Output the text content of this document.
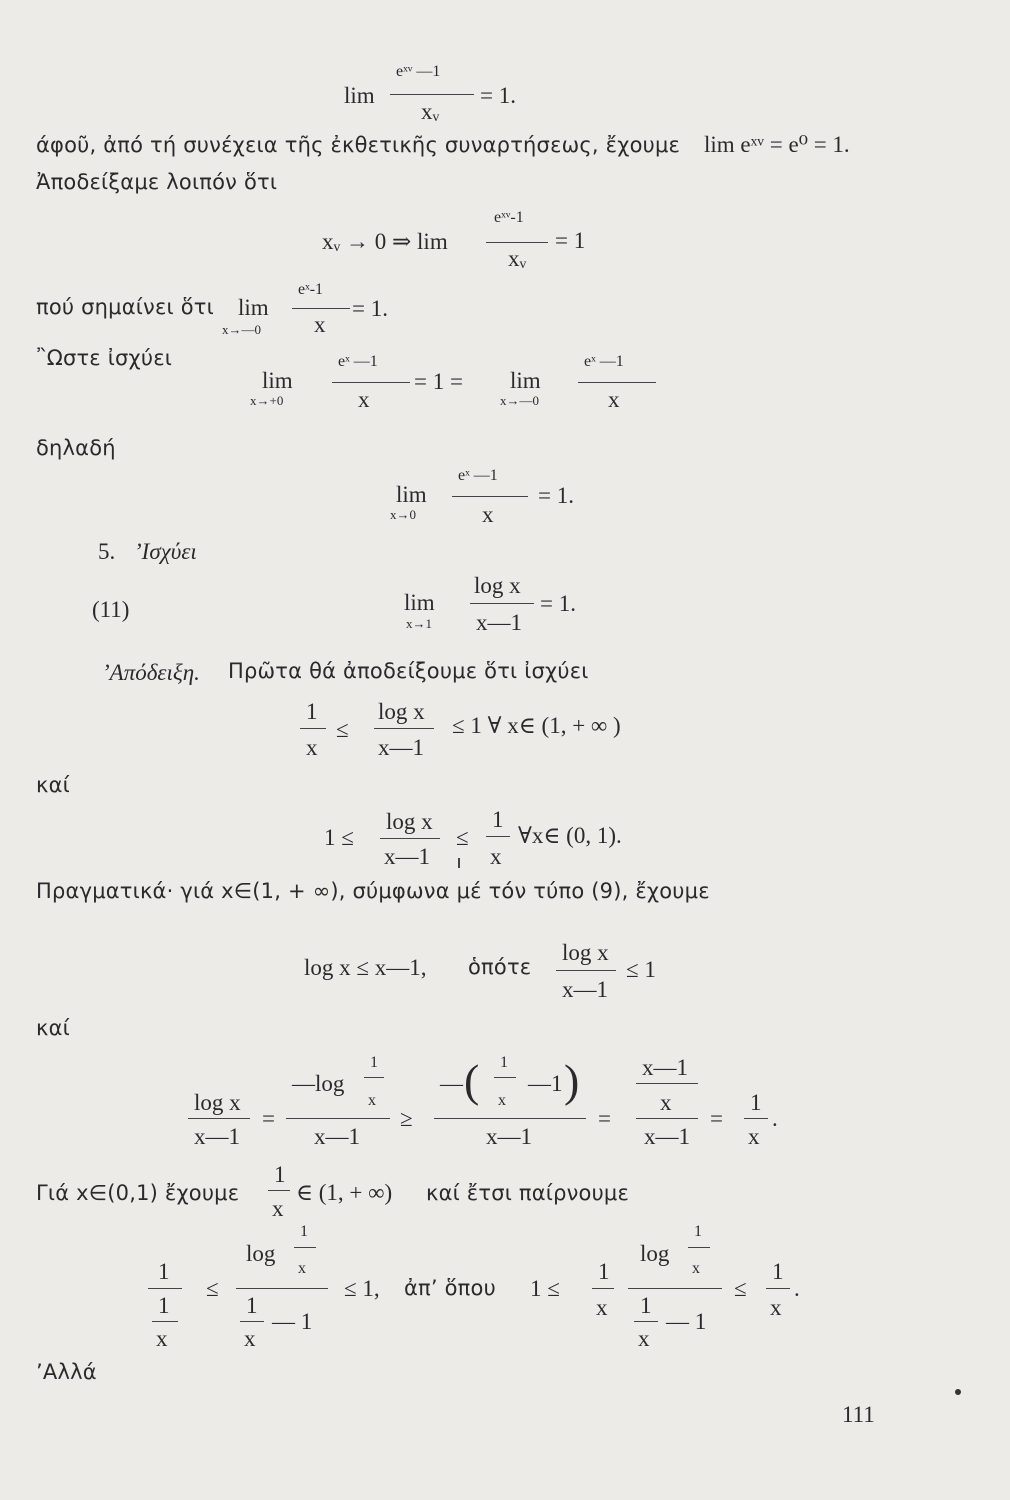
lim
eˣᵛ —1
xᵥ
= 1.
άφοῦ, ἀπό τή συνέχεια τῆς ἐκθετικῆς συναρτήσεως, ἔχουμε lim eˣᵛ = e⁰ = 1.
Ἀποδείξαμε λοιπόν ὅτι
xᵥ → 0 ⇒ lim
eˣᵛ-1
xᵥ
= 1
πού σημαίνει ὅτι lim
x→—0
eˣ-1
x
= 1.
῍Ωστε ἰσχύει
lim
x→+0
eˣ —1
x
= 1 = lim
x→—0
eˣ —1
x
δηλαδή
lim
x→0
eˣ —1
x
= 1.
5. ’Ισχύει
(11)	lim
x→1
log x
x—1
= 1.
’Απόδειξη. Πρῶτα θά ἀποδείξουμε ὅτι ἰσχύει
1
x
≤
log x
x—1
≤ 1 ∀ x∈ (1, + ∞ )
καί
1 ≤
log x
x—1
≤
1
x
∀x∈ (0, 1).
Πραγματικά· γιά x∈(1, + ∞), σύμφωνα μέ τόν τύπο (9), ἔχουμε
log x ≤ x—1, ὁπότε
log x
x—1
≤ 1
καί
log x
x—1
=
—log
1
x
x—1
≥
— ( 1
x
—1 )
x—1
=
x—1
x
x—1
=
1
x
.
Γιά x∈(0,1) ἔχουμε
1
x
∈ (1, + ∞) καί ἔτσι παίρνουμε
1
1
x
≤
log
1
x
1
x
— 1
≤ 1, ἀπ’ ὅπου 1 ≤
1
x
log
1
x
1
x
— 1
≤
1
x
.
’Αλλά
111
